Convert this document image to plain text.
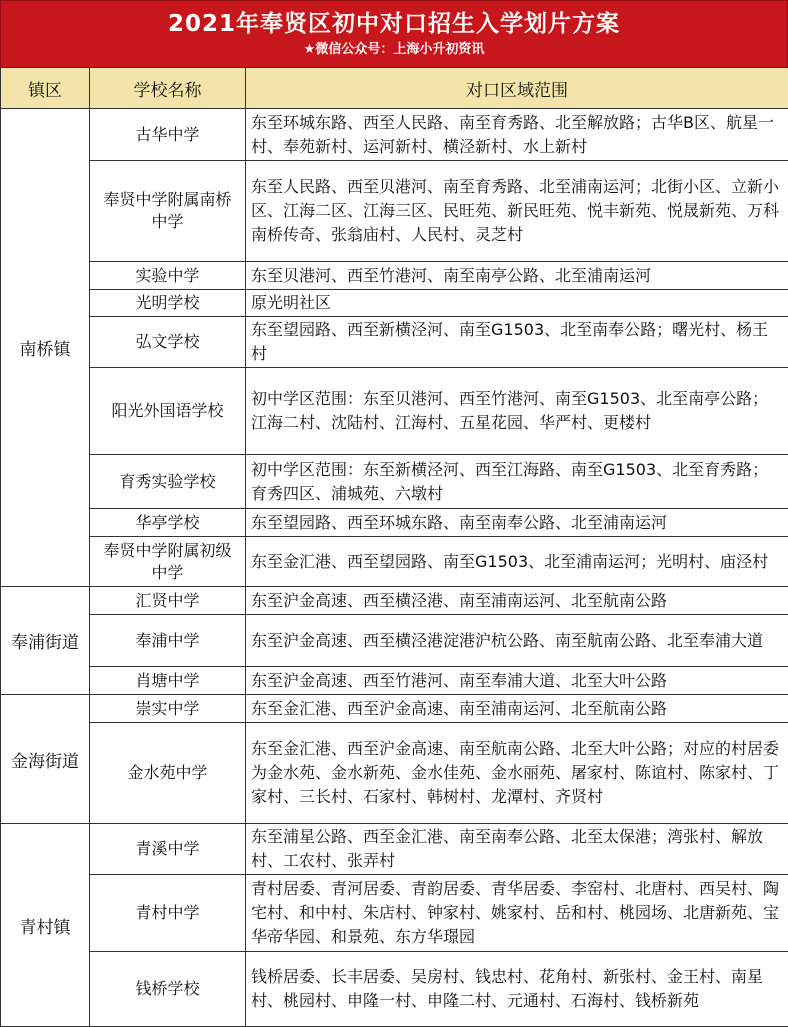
2021年奉贤区初中对口招生入学划片方案
★微信公众号：上海小升初资讯
镇区	学校名称	对口区域范围
南桥镇	古华中学	东至环城东路、西至人民路、南至育秀路、北至解放路；古华B区、航星一村、奉苑新村、运河新村、横泾新村、水上新村
	奉贤中学附属南桥中学	东至人民路、西至贝港河、南至育秀路、北至浦南运河；北街小区、立新小区、江海二区、江海三区、民旺苑、新民旺苑、悦丰新苑、悦晟新苑、万科南桥传奇、张翁庙村、人民村、灵芝村
	实验中学	东至贝港河、西至竹港河、南至南亭公路、北至浦南运河
	光明学校	原光明社区
	弘文学校	东至望园路、西至新横泾河、南至G1503、北至南奉公路；曙光村、杨王村
	阳光外国语学校	初中学区范围：东至贝港河、西至竹港河、南至G1503、北至南亭公路；江海二村、沈陆村、江海村、五星花园、华严村、更楼村
	育秀实验学校	初中学区范围：东至新横泾河、西至江海路、南至G1503、北至育秀路；育秀四区、浦城苑、六墩村
	华亭学校	东至望园路、西至环城东路、南至南奉公路、北至浦南运河
	奉贤中学附属初级中学	东至金汇港、西至望园路、南至G1503、北至浦南运河；光明村、庙泾村
奉浦街道	汇贤中学	东至沪金高速、西至横泾港、南至浦南运河、北至航南公路
	奉浦中学	东至沪金高速、西至横泾港淀港沪杭公路、南至航南公路、北至奉浦大道
	肖塘中学	东至沪金高速、西至竹港河、南至奉浦大道、北至大叶公路
金海街道	崇实中学	东至金汇港、西至沪金高速、南至浦南运河、北至航南公路
	金水苑中学	东至金汇港、西至沪金高速、南至航南公路、北至大叶公路；对应的村居委为金水苑、金水新苑、金水佳苑、金水丽苑、屠家村、陈谊村、陈家村、丁家村、三长村、石家村、韩树村、龙潭村、齐贤村
青村镇	青溪中学	东至浦星公路、西至金汇港、南至南奉公路、北至太保港；湾张村、解放村、工农村、张弄村
	青村中学	青村居委、青河居委、青韵居委、青华居委、李窑村、北唐村、西吴村、陶宅村、和中村、朱店村、钟家村、姚家村、岳和村、桃园场、北唐新苑、宝华帝华园、和景苑、东方华璟园
	钱桥学校	钱桥居委、长丰居委、吴房村、钱忠村、花角村、新张村、金王村、南星村、桃园村、申隆一村、申隆二村、元通村、石海村、钱桥新苑
